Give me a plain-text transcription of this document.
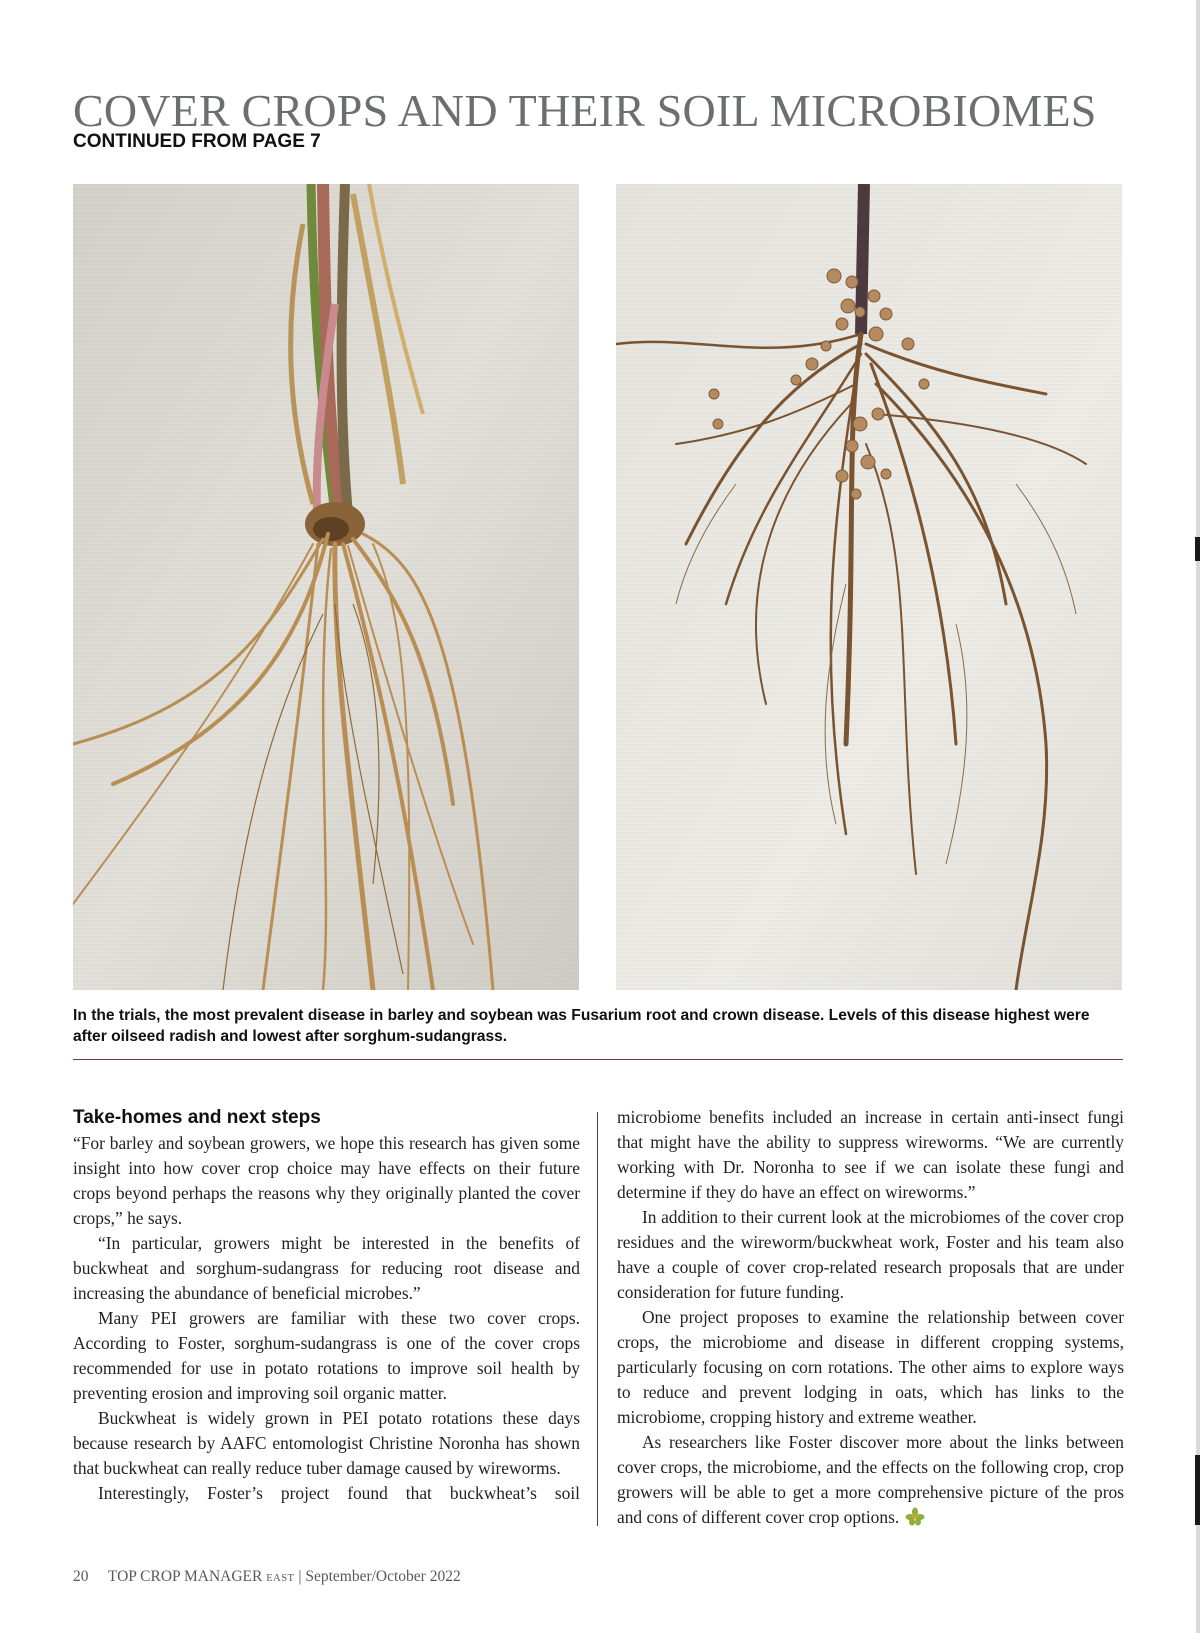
COVER CROPS AND THEIR SOIL MICROBIOMES
CONTINUED FROM PAGE 7
In the trials, the most prevalent disease in barley and soybean was Fusarium root and crown disease. Levels of this disease highest were after oilseed radish and lowest after sorghum-sudangrass.
Take-homes and next steps

“For barley and soybean growers, we hope this research has given some insight into how cover crop choice may have effects on their future crops beyond perhaps the reasons why they originally planted the cover crops,” he says.

“In particular, growers might be interested in the benefits of buckwheat and sorghum-sudangrass for reducing root disease and increasing the abundance of beneficial microbes.”

Many PEI growers are familiar with these two cover crops. According to Foster, sorghum-sudangrass is one of the cover crops recommended for use in potato rotations to improve soil health by preventing erosion and improving soil organic matter.

Buckwheat is widely grown in PEI potato rotations these days because research by AAFC entomologist Christine Noronha has shown that buckwheat can really reduce tuber damage caused by wireworms.

Interestingly, Foster’s project found that buckwheat’s soil

microbiome benefits included an increase in certain anti-insect fungi that might have the ability to suppress wireworms. “We are currently working with Dr. Noronha to see if we can isolate these fungi and determine if they do have an effect on wireworms.”

In addition to their current look at the microbiomes of the cover crop residues and the wireworm/buckwheat work, Foster and his team also have a couple of cover crop-related research proposals that are under consideration for future funding.

One project proposes to examine the relationship between cover crops, the microbiome and disease in different cropping systems, particularly focusing on corn rotations. The other aims to explore ways to reduce and prevent lodging in oats, which has links to the microbiome, cropping history and extreme weather.

As researchers like Foster discover more about the links between cover crops, the microbiome, and the effects on the following crop, crop growers will be able to get a more comprehensive picture of the pros and cons of different cover crop options.

20 TOP CROP MANAGER EAST | September/October 2022
